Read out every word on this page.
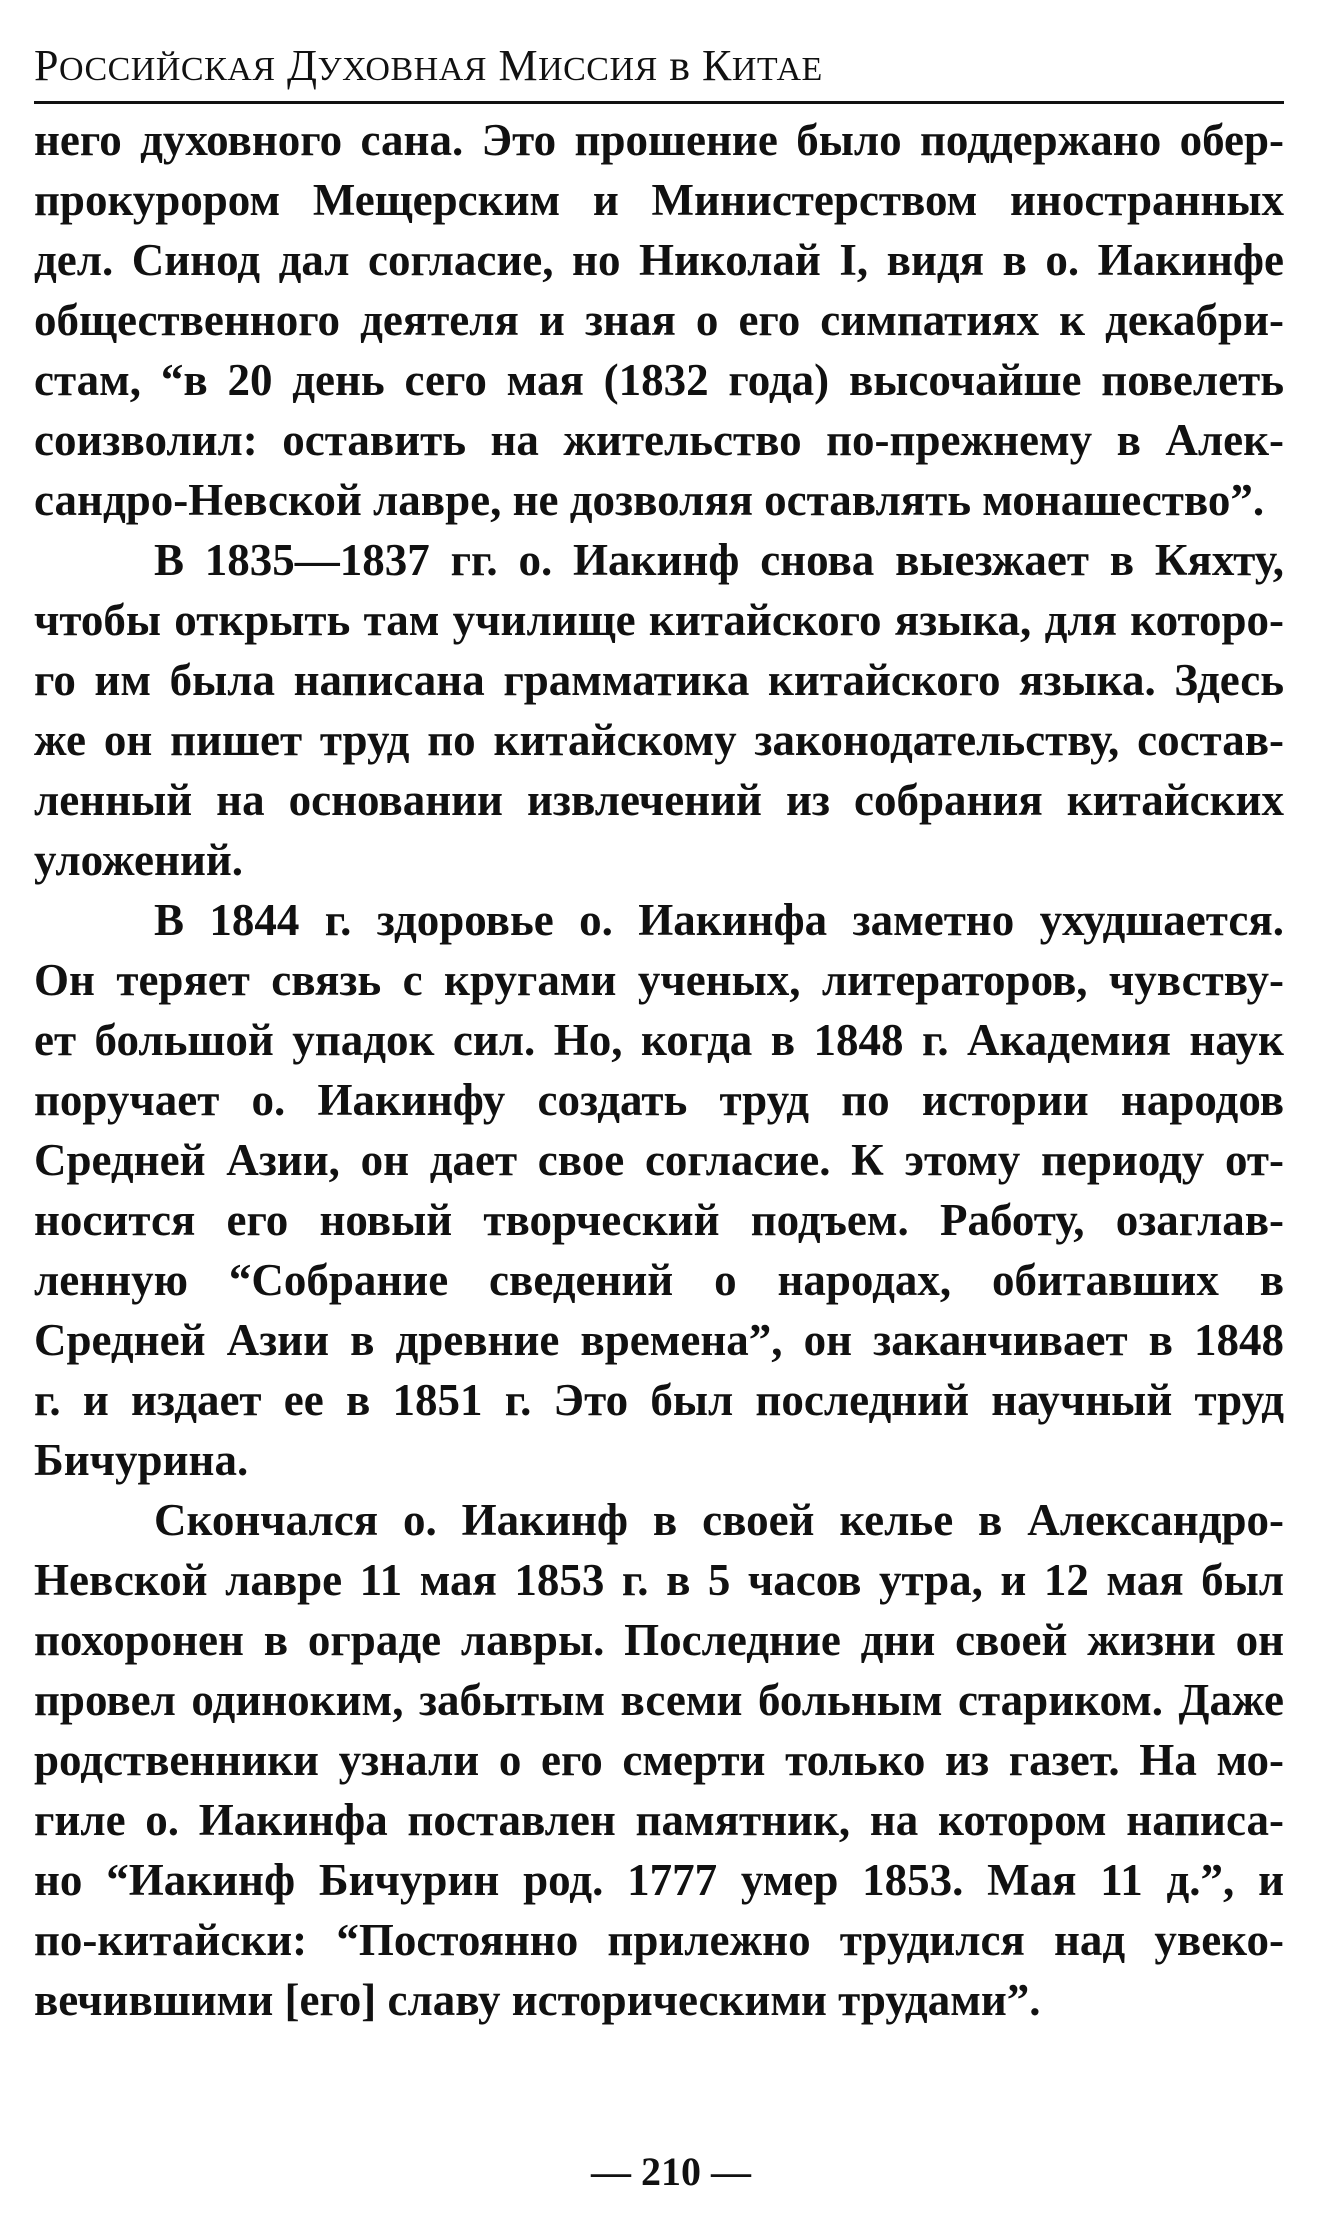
РОССИЙСКАЯ ДУХОВНАЯ МИССИЯ в КИТАЕ
него духовного сана. Это прошение было поддержано обер-
прокурором Мещерским и Министерством иностранных
дел. Синод дал согласие, но Николай I, видя в о. Иакинфе
общественного деятеля и зная о его симпатиях к декабри-
стам, “в 20 день сего мая (1832 года) высочайше повелеть
соизволил: оставить на жительство по-прежнему в Алек-
сандро-Невской лавре, не дозволяя оставлять монашество”.
В 1835—1837 гг. о. Иакинф снова выезжает в Кяхту,
чтобы открыть там училище китайского языка, для которо-
го им была написана грамматика китайского языка. Здесь
же он пишет труд по китайскому законодательству, состав-
ленный на основании извлечений из собрания китайских
уложений.
В 1844 г. здоровье о. Иакинфа заметно ухудшается.
Он теряет связь с кругами ученых, литераторов, чувству-
ет большой упадок сил. Но, когда в 1848 г. Академия наук
поручает о. Иакинфу создать труд по истории народов
Средней Азии, он дает свое согласие. К этому периоду от-
носится его новый творческий подъем. Работу, озаглав-
ленную “Собрание сведений о народах, обитавших в
Средней Азии в древние времена”, он заканчивает в 1848
г. и издает ее в 1851 г. Это был последний научный труд
Бичурина.
Скончался о. Иакинф в своей келье в Александро-
Невской лавре 11 мая 1853 г. в 5 часов утра, и 12 мая был
похоронен в ограде лавры. Последние дни своей жизни он
провел одиноким, забытым всеми больным стариком. Даже
родственники узнали о его смерти только из газет. На мо-
гиле о. Иакинфа поставлен памятник, на котором написа-
но “Иакинф Бичурин род. 1777 умер 1853. Мая 11 д.”, и
по-китайски: “Постоянно прилежно трудился над увеко-
вечившими [его] славу историческими трудами”.
— 210 —
